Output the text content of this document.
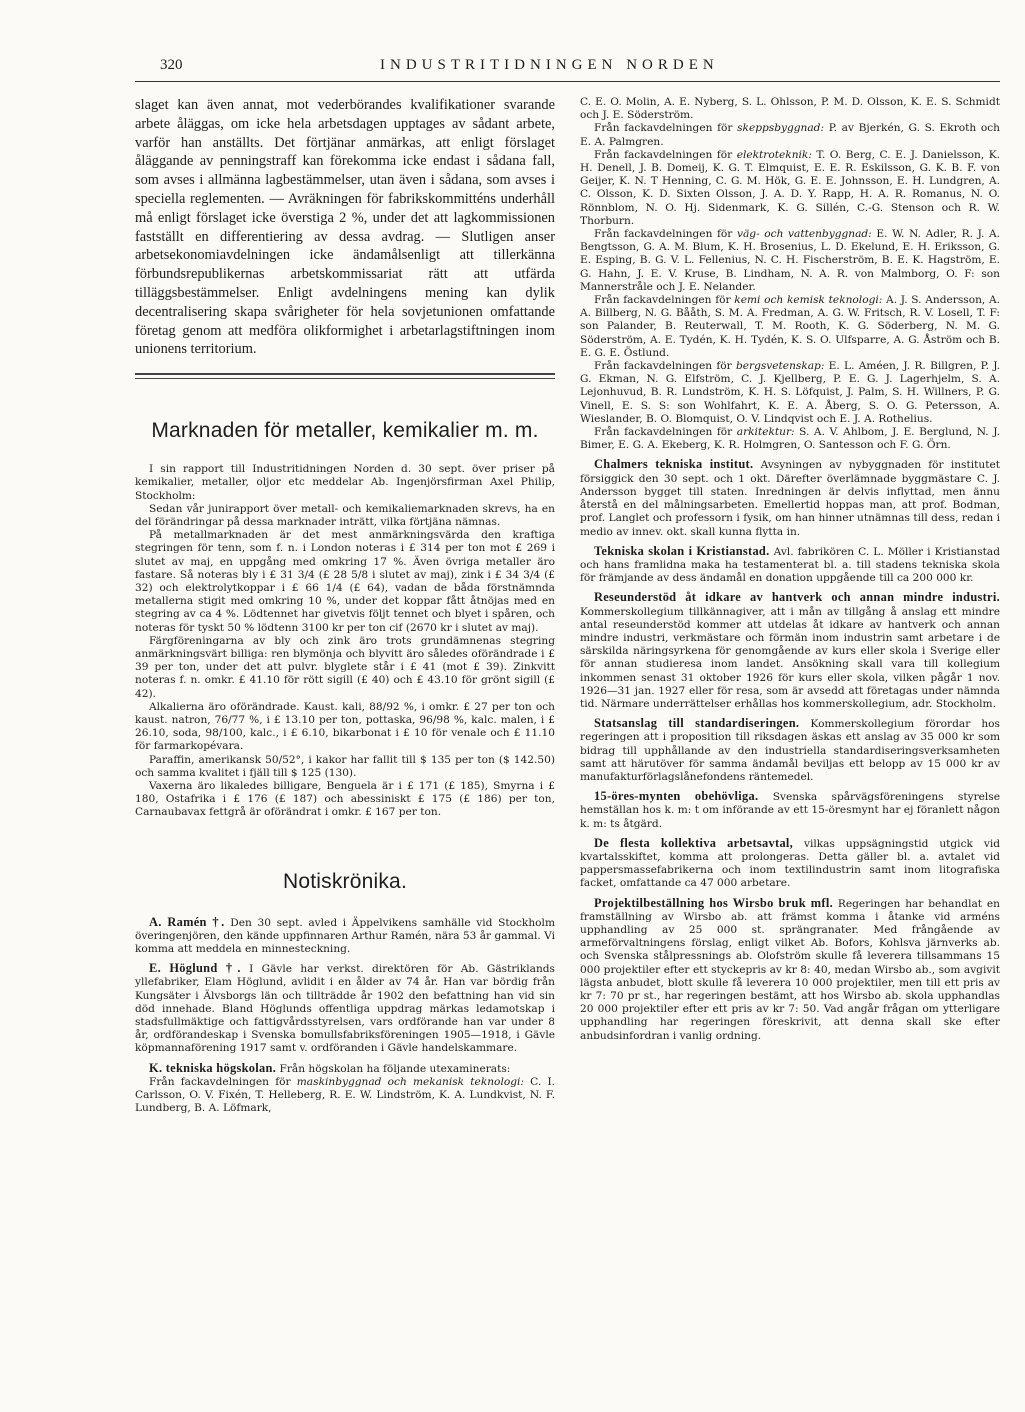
320	INDUSTRITIDNINGEN NORDEN

slaget kan även annat, mot vederbörandes kvalifikationer svarande arbete åläggas, om icke hela arbetsdagen upptages av sådant arbete, varför han anställts. Det förtjänar anmärkas, att enligt förslaget åläggande av penningstraff kan förekomma icke endast i sådana fall, som avses i allmänna lagbestämmelser, utan även i sådana, som avses i speciella reglementen. — Avräkningen för fabrikskommitténs underhåll må enligt förslaget icke överstiga 2 %, under det att lagkommissionen fastställt en differentiering av dessa avdrag. — Slutligen anser arbetsekonomiavdelningen icke ändamålsenligt att tillerkänna förbundsrepublikernas arbetskommissariat rätt att utfärda tilläggsbestämmelser. Enligt avdelningens mening kan dylik decentralisering skapa svårigheter för hela sovjetunionen omfattande företag genom att medföra olikformighet i arbetarlagstiftningen inom unionens territorium.

Marknaden för metaller, kemikalier m. m.

I sin rapport till Industritidningen Norden d. 30 sept. över priser på kemikalier, metaller, oljor etc meddelar Ab. Ingenjörsfirman Axel Philip, Stockholm:

Sedan vår junirapport över metall- och kemikaliemarknaden skrevs, ha en del förändringar på dessa marknader inträtt, vilka förtjäna nämnas.

På metallmarknaden är det mest anmärkningsvärda den kraftiga stegringen för tenn, som f. n. i London noteras i £ 314 per ton mot £ 269 i slutet av maj, en uppgång med omkring 17 %. Även övriga metaller äro fastare. Så noteras bly i £ 31 3/4 (£ 28 5/8 i slutet av maj), zink i £ 34 3/4 (£ 32) och elektrolytkoppar i £ 66 1/4 (£ 64), vadan de båda förstnämnda metallerna stigit med omkring 10 %, under det koppar fått åtnöjas med en stegring av ca 4 %. Lödtennet har givetvis följt tennet och blyet i spåren, och noteras för tyskt 50 % lödtenn 3100 kr per ton cif (2670 kr i slutet av maj).

Färgföreningarna av bly och zink äro trots grundämnenas stegring anmärkningsvärt billiga: ren blymönja och blyvitt äro således oförändrade i £ 39 per ton, under det att pulvr. blyglete står i £ 41 (mot £ 39). Zinkvitt noteras f. n. omkr. £ 41.10 för rött sigill (£ 40) och £ 43.10 för grönt sigill (£ 42).

Alkalierna äro oförändrade. Kaust. kali, 88/92 %, i omkr. £ 27 per ton och kaust. natron, 76/77 %, i £ 13.10 per ton, pottaska, 96/98 %, kalc. malen, i £ 26.10, soda, 98/100, kalc., i £ 6.10, bikarbonat i £ 10 för venale och £ 11.10 för farmarkopévara.

Paraffin, amerikansk 50/52°, i kakor har fallit till $ 135 per ton ($ 142.50) och samma kvalitet i fjäll till $ 125 (130).

Vaxerna äro likaledes billigare, Benguela är i £ 171 (£ 185), Smyrna i £ 180, Ostafrika i £ 176 (£ 187) och abessiniskt £ 175 (£ 186) per ton, Carnaubavax fettgrå är oförändrat i omkr. £ 167 per ton.

Notiskrönika.

A. Ramén †. Den 30 sept. avled i Äppelvikens samhälle vid Stockholm överingenjören, den kände uppfinnaren Arthur Ramén, nära 53 år gammal. Vi komma att meddela en minnesteckning.

E. Höglund †. I Gävle har verkst. direktören för Ab. Gästriklands yllefabriker, Elam Höglund, avlidit i en ålder av 74 år. Han var bördig från Kungsäter i Älvsborgs län och tillträdde år 1902 den befattning han vid sin död innehade. Bland Höglunds offentliga uppdrag märkas ledamotskap i stadsfullmäktige och fattigvårdsstyrelsen, vars ordförande han var under 8 år, ordförandeskap i Svenska bomullsfabriksföreningen 1905—1918, i Gävle köpmannaförening 1917 samt v. ordföranden i Gävle handelskammare.

K. tekniska högskolan. Från högskolan ha följande utexaminerats:

Från fackavdelningen för maskinbyggnad och mekanisk teknologi: C. I. Carlsson, O. V. Fixén, T. Helleberg, R. E. W. Lindström, K. A. Lundkvist, N. F. Lundberg, B. A. Löfmark,

C. E. O. Molin, A. E. Nyberg, S. L. Ohlsson, P. M. D. Olsson, K. E. S. Schmidt och J. E. Söderström.

Från fackavdelningen för skeppsbyggnad: P. av Bjerkén, G. S. Ekroth och E. A. Palmgren.

Från fackavdelningen för elektroteknik: T. O. Berg, C. E. J. Danielsson, K. H. Denell, J. B. Domeij, K. G. T. Elmquist, E. E. R. Eskilsson, G. K. B. F. von Geijer, K. N. T Henning, C. G. M. Hök, G. E. E. Johnsson, E. H. Lundgren, A. C. Olsson, K. D. Sixten Olsson, J. A. D. Y. Rapp, H. A. R. Romanus, N. O. Rönnblom, N. O. Hj. Sidenmark, K. G. Sillén, C.-G. Stenson och R. W. Thorburn.

Från fackavdelningen för väg- och vattenbyggnad: E. W. N. Adler, R. J. A. Bengtsson, G. A. M. Blum, K. H. Brosenius, L. D. Ekelund, E. H. Eriksson, G. E. Esping, B. G. V. L. Fellenius, N. C. H. Fischerström, B. E. K. Hagström, E. G. Hahn, J. E. V. Kruse, B. Lindham, N. A. R. von Malmborg, O. F: son Mannerstråle och J. E. Nelander.

Från fackavdelningen för kemi och kemisk teknologi: A. J. S. Andersson, A. A. Billberg, N. G. Bååth, S. M. A. Fredman, A. G. W. Fritsch, R. V. Losell, T. F: son Palander, B. Reuterwall, T. M. Rooth, K. G. Söderberg, N. M. G. Söderström, A. E. Tydén, K. H. Tydén, K. S. O. Ulfsparre, A. G. Åström och B. E. G. E. Östlund.

Från fackavdelningen för bergsvetenskap: E. L. Améen, J. R. Billgren, P. J. G. Ekman, N. G. Elfström, C. J. Kjellberg, P. E. G. J. Lagerhjelm, S. A. Lejonhuvud, B. R. Lundström, K. H. S. Löfquist, J. Palm, S. H. Willners, P. G. Vinell, E. S. S: son Wohlfahrt, K. E. A. Åberg, S. O. G. Petersson, A. Wieslander, B. O. Blomquist, O. V. Lindqvist och E. J. A. Rothelius.

Från fackavdelningen för arkitektur: S. A. V. Ahlbom, J. E. Berglund, N. J. Bimer, E. G. A. Ekeberg, K. R. Holmgren, O. Santesson och F. G. Örn.

Chalmers tekniska institut. Avsyningen av nybyggnaden för institutet försiggick den 30 sept. och 1 okt. Därefter överlämnade byggmästare C. J. Andersson bygget till staten. Inredningen är delvis inflyttad, men ännu återstå en del målningsarbeten. Emellertid hoppas man, att prof. Bodman, prof. Langlet och professorn i fysik, om han hinner utnämnas till dess, redan i medio av innev. okt. skall kunna flytta in.

Tekniska skolan i Kristianstad. Avl. fabrikören C. L. Möller i Kristianstad och hans framlidna maka ha testamenterat bl. a. till stadens tekniska skola för främjande av dess ändamål en donation uppgående till ca 200 000 kr.

Reseunderstöd åt idkare av hantverk och annan mindre industri. Kommerskollegium tillkännagiver, att i mån av tillgång å anslag ett mindre antal reseunderstöd kommer att utdelas åt idkare av hantverk och annan mindre industri, verkmästare och förmän inom industrin samt arbetare i de särskilda näringsyrkena för genomgående av kurs eller skola i Sverige eller för annan studieresa inom landet. Ansökning skall vara till kollegium inkommen senast 31 oktober 1926 för kurs eller skola, vilken pågår 1 nov. 1926—31 jan. 1927 eller för resa, som är avsedd att företagas under nämnda tid. Närmare underrättelser erhållas hos kommerskollegium, adr. Stockholm.

Statsanslag till standardiseringen. Kommerskollegium förordar hos regeringen att i proposition till riksdagen äskas ett anslag av 35 000 kr som bidrag till upphållande av den industriella standardiseringsverksamheten samt att härutöver för samma ändamål beviljas ett belopp av 15 000 kr av manufakturförlagslånefondens räntemedel.

15-öres-mynten obehövliga. Svenska spårvägsföreningens styrelse hemställan hos k. m: t om införande av ett 15-öresmynt har ej föranlett någon k. m: ts åtgärd.

De flesta kollektiva arbetsavtal, vilkas uppsägningstid utgick vid kvartalsskiftet, komma att prolongeras. Detta gäller bl. a. avtalet vid pappersmassefabrikerna och inom textilindustrin samt inom litografiska facket, omfattande ca 47 000 arbetare.

Projektilbeställning hos Wirsbo bruk mfl. Regeringen har behandlat en framställning av Wirsbo ab. att främst komma i åtanke vid arméns upphandling av 25 000 st. sprängranater. Med frångående av armeförvaltningens förslag, enligt vilket Ab. Bofors, Kohlsva järnverks ab. och Svenska stålpressnings ab. Olofström skulle få leverera tillsammans 15 000 projektiler efter ett styckepris av kr 8: 40, medan Wirsbo ab., som avgivit lägsta anbudet, blott skulle få leverera 10 000 projektiler, men till ett pris av kr 7: 70 pr st., har regeringen bestämt, att hos Wirsbo ab. skola upphandlas 20 000 projektiler efter ett pris av kr 7: 50. Vad angår frågan om ytterligare upphandling har regeringen föreskrivit, att denna skall ske efter anbudsinfordran i vanlig ordning.
